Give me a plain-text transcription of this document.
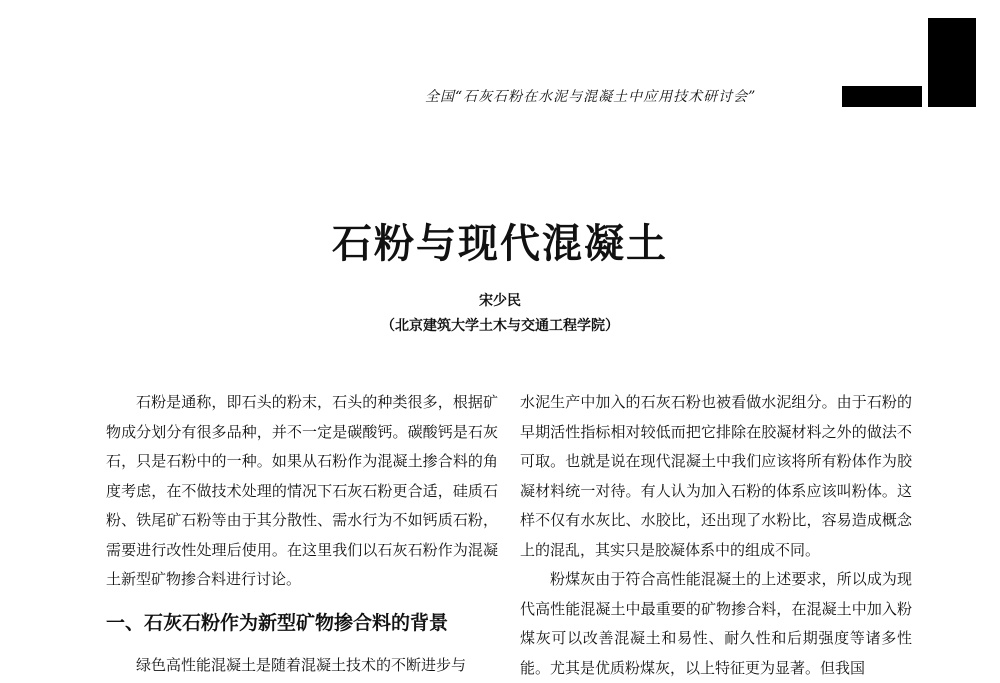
全国“石灰石粉在水泥与混凝土中应用技术研讨会”
石粉与现代混凝土
宋少民
（北京建筑大学土木与交通工程学院）

石粉是通称，即石头的粉末，石头的种类很多，根据矿物成分划分有很多品种，并不一定是碳酸钙。碳酸钙是石灰石，只是石粉中的一种。如果从石粉作为混凝土掺合料的角度考虑，在不做技术处理的情况下石灰石粉更合适，硅质石粉、铁尾矿石粉等由于其分散性、需水行为不如钙质石粉，需要进行改性处理后使用。在这里我们以石灰石粉作为混凝土新型矿物掺合料进行讨论。

一、石灰石粉作为新型矿物掺合料的背景

绿色高性能混凝土是随着混凝土技术的不断进步与

水泥生产中加入的石灰石粉也被看做水泥组分。由于石粉的早期活性指标相对较低而把它排除在胶凝材料之外的做法不可取。也就是说在现代混凝土中我们应该将所有粉体作为胶凝材料统一对待。有人认为加入石粉的体系应该叫粉体。这样不仅有水灰比、水胶比，还出现了水粉比，容易造成概念上的混乱，其实只是胶凝体系中的组成不同。

粉煤灰由于符合高性能混凝土的上述要求，所以成为现代高性能混凝土中最重要的矿物掺合料，在混凝土中加入粉煤灰可以改善混凝土和易性、耐久性和后期强度等诸多性能。尤其是优质粉煤灰，以上特征更为显著。但我国
